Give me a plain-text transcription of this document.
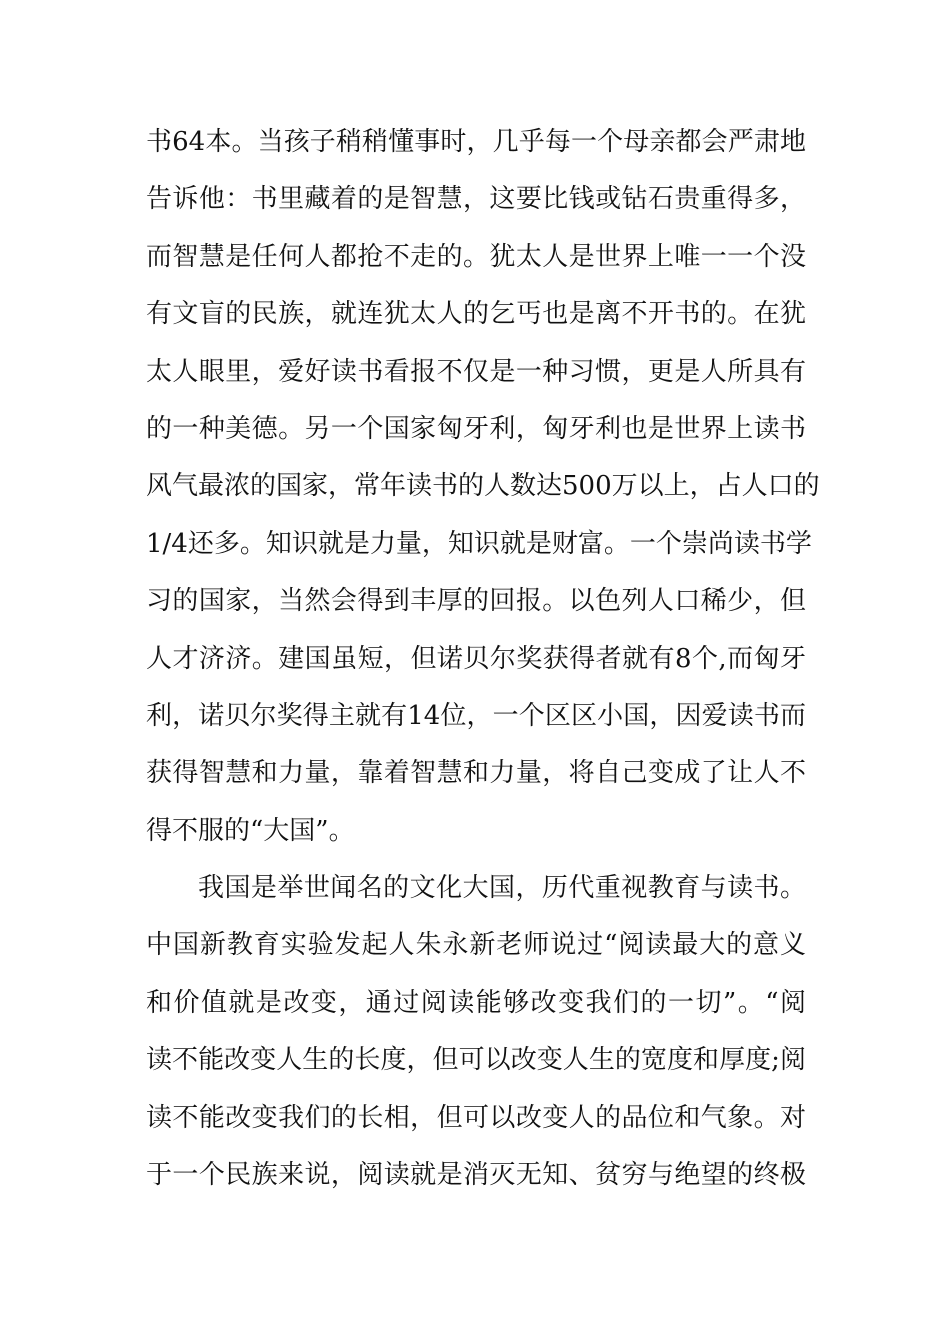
书64本。当孩子稍稍懂事时，几乎每一个母亲都会严肃地
告诉他：书里藏着的是智慧，这要比钱或钻石贵重得多，
而智慧是任何人都抢不走的。犹太人是世界上唯一一个没
有文盲的民族，就连犹太人的乞丐也是离不开书的。在犹
太人眼里，爱好读书看报不仅是一种习惯，更是人所具有
的一种美德。另一个国家匈牙利，匈牙利也是世界上读书
风气最浓的国家，常年读书的人数达500万以上，占人口的
1/4还多。知识就是力量，知识就是财富。一个崇尚读书学
习的国家，当然会得到丰厚的回报。以色列人口稀少，但
人才济济。建国虽短，但诺贝尔奖获得者就有8个,而匈牙
利，诺贝尔奖得主就有14位，一个区区小国，因爱读书而
获得智慧和力量，靠着智慧和力量，将自己变成了让人不
得不服的“大国”。
我国是举世闻名的文化大国，历代重视教育与读书。
中国新教育实验发起人朱永新老师说过“阅读最大的意义
和价值就是改变，通过阅读能够改变我们的一切”。“阅
读不能改变人生的长度，但可以改变人生的宽度和厚度;阅
读不能改变我们的长相，但可以改变人的品位和气象。对
于一个民族来说，阅读就是消灭无知、贫穷与绝望的终极
